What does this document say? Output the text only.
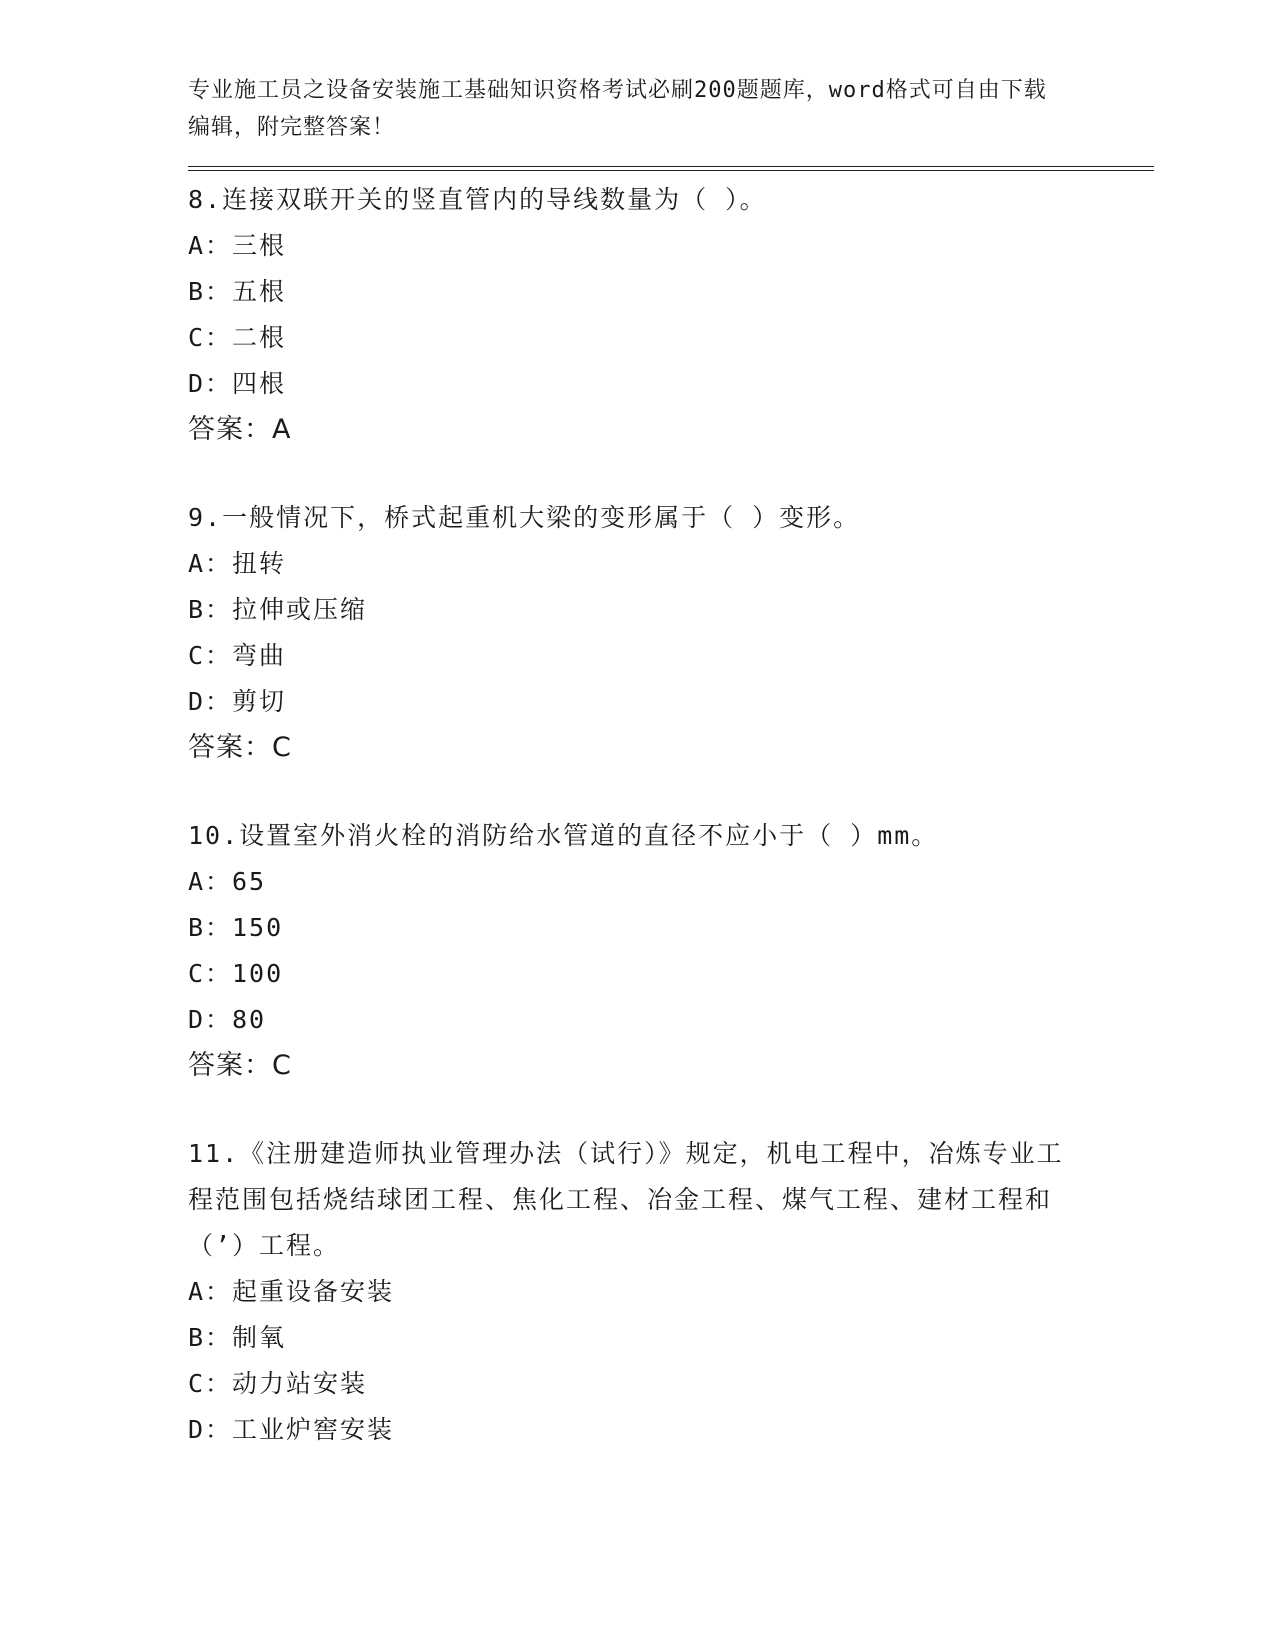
专业施工员之设备安装施工基础知识资格考试必刷200题题库，word格式可自由下载编辑，附完整答案！
8.连接双联开关的竖直管内的导线数量为（ ）。
A： 三根
B： 五根
C： 二根
D： 四根
答案： A
9.一般情况下，桥式起重机大梁的变形属于（ ）变形。
A： 扭转
B： 拉伸或压缩
C： 弯曲
D： 剪切
答案： C
10.设置室外消火栓的消防给水管道的直径不应小于（ ）mm。
A： 65
B： 150
C： 100
D： 80
答案： C
11.《注册建造师执业管理办法（试行）》规定，机电工程中，冶炼专业工程范围包括烧结球团工程、焦化工程、冶金工程、煤气工程、建材工程和（’）工程。
A： 起重设备安装
B： 制氧
C： 动力站安装
D： 工业炉窖安装
